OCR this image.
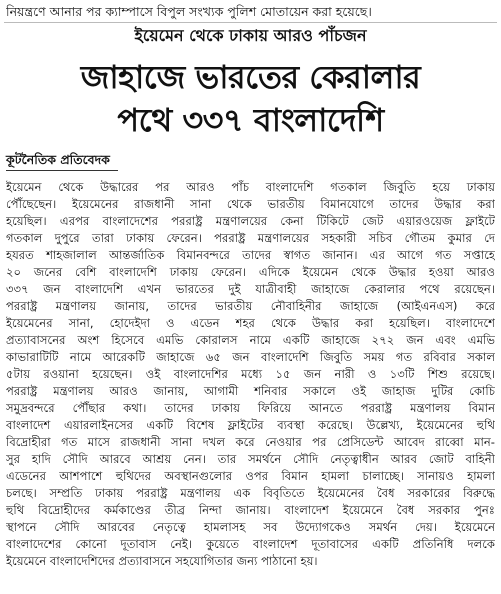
নিয়ন্ত্রণে আনার পর ক্যাম্পাসে বিপুল সংখ্যক পুলিশ মোতায়েন করা হয়েছে।
ইয়েমেন থেকে ঢাকায় আরও পাঁচজন
জাহাজে ভারতের কেরালার
পথে ৩৩৭ বাংলাদেশি
কূটনৈতিক প্রতিবেদক
ইয়েমেন থেকে উদ্ধারের পর আরও পাঁচ বাংলাদেশি গতকাল জিবুতি হয়ে ঢাকায়
পৌঁছেছেন। ইয়েমেনের রাজধানী সানা থেকে ভারতীয় বিমানযোগে তাদের উদ্ধার করা
হয়েছিল। এরপর বাংলাদেশের পররাষ্ট্র মন্ত্রণালয়ের কেনা টিকিটে জেট এয়ারওয়েজ ফ্লাইটে
গতকাল দুপুরে তারা ঢাকায় ফেরেন। পররাষ্ট্র মন্ত্রণালয়ের সহকারী সচিব গৌতম কুমার দে
হযরত শাহজালাল আন্তর্জাতিক বিমানবন্দরে তাদের স্বাগত জানান। এর আগে গত সপ্তাহে
২০ জনের বেশি বাংলাদেশি ঢাকায় ফেরেন। এদিকে ইয়েমেন থেকে উদ্ধার হওয়া আরও
৩৩৭ জন বাংলাদেশি এখন ভারতের দুই যাত্রীবাহী জাহাজে কেরালার পথে রয়েছেন।
পররাষ্ট্র মন্ত্রণালয় জানায়, তাদের ভারতীয় নৌবাহিনীর জাহাজে (আইএনএস) করে
ইয়েমেনের সানা, হোদেইদা ও এডেন শহর থেকে উদ্ধার করা হয়েছিল। বাংলাদেশে
প্রত্যাবাসনের অংশ হিসেবে এমভি কোরালস নামে একটি জাহাজে ২৭২ জন এবং এমভি
কাভারাটিটি নামে আরেকটি জাহাজে ৬৫ জন বাংলাদেশি জিবুতি সময় গত রবিবার সকাল
৫টায় রওয়ানা হয়েছেন। ওই বাংলাদেশির মধ্যে ১৫ জন নারী ও ১৩টি শিশু রয়েছে।
পররাষ্ট্র মন্ত্রণালয় আরও জানায়, আগামী শনিবার সকালে ওই জাহাজ দুটির কোচি
সমুদ্রবন্দরে পৌঁছার কথা। তাদের ঢাকায় ফিরিয়ে আনতে পররাষ্ট্র মন্ত্রণালয় বিমান
বাংলাদেশ এয়ারলাইনসের একটি বিশেষ ফ্লাইটের ব্যবস্থা করেছে। উল্লেখ্য, ইয়েমেনের হুথি
বিদ্রোহীরা গত মাসে রাজধানী সানা দখল করে নেওয়ার পর প্রেসিডেন্ট আবেদ রাব্বো মান-
সুর হাদি সৌদি আরবে আশ্রয় নেন। তার সমর্থনে সৌদি নেতৃত্বাধীন আরব জোট বাহিনী
এডেনের আশপাশে হুথিদের অবস্থানগুলোর ওপর বিমান হামলা চালাচ্ছে। সানায়ও হামলা
চলছে। সম্প্রতি ঢাকায় পররাষ্ট্র মন্ত্রণালয় এক বিবৃতিতে ইয়েমেনের বৈধ সরকারের বিরুদ্ধে
হুথি বিদ্রোহীদের কর্মকাণ্ডের তীব্র নিন্দা জানায়। বাংলাদেশ ইয়েমেনে বৈধ সরকার পুনঃ
স্থাপনে সৌদি আরবের নেতৃত্বে হামলাসহ সব উদ্যোগকেও সমর্থন দেয়। ইয়েমেনে
বাংলাদেশের কোনো দূতাবাস নেই। কুয়েতে বাংলাদেশ দূতাবাসের একটি প্রতিনিধি দলকে
ইয়েমেনে বাংলাদেশিদের প্রত্যাবাসনে সহযোগিতার জন্য পাঠানো হয়।
